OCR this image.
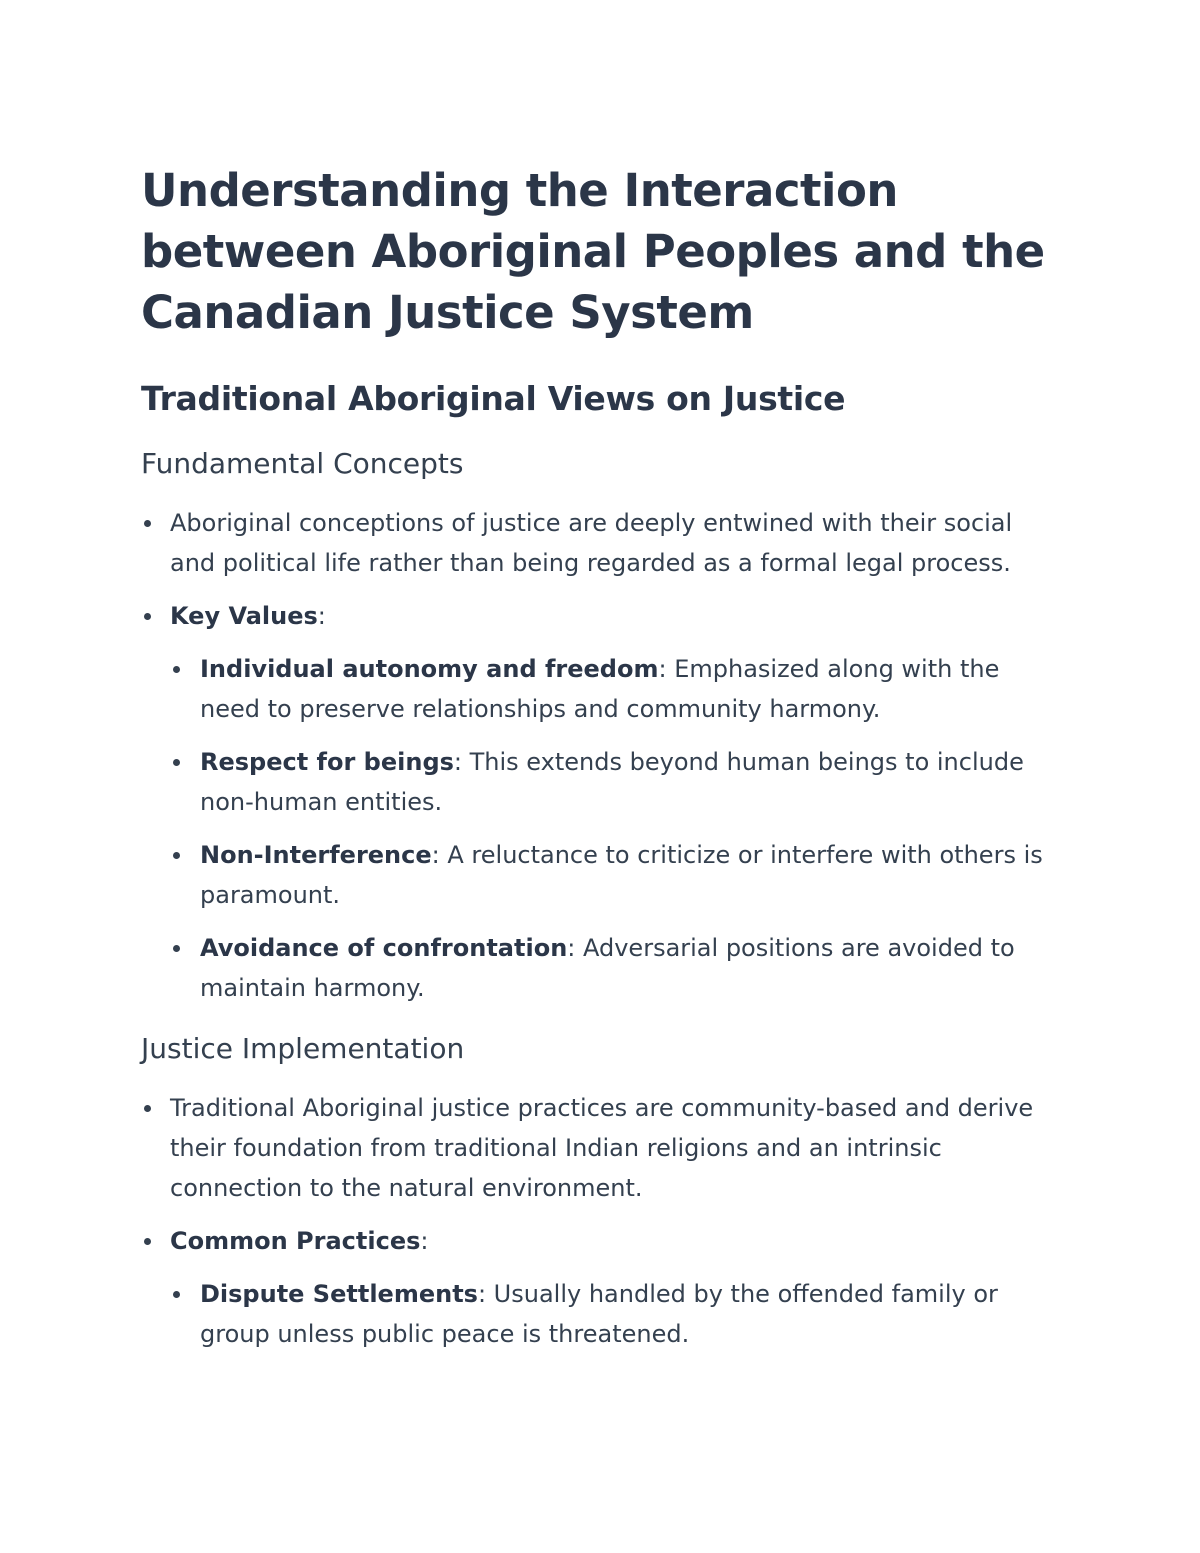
Understanding the Interaction between Aboriginal Peoples and the Canadian Justice System
Traditional Aboriginal Views on Justice
Fundamental Concepts
Aboriginal conceptions of justice are deeply entwined with their social and political life rather than being regarded as a formal legal process.
Key Values:
Individual autonomy and freedom: Emphasized along with the need to preserve relationships and community harmony.
Respect for beings: This extends beyond human beings to include non-human entities.
Non-Interference: A reluctance to criticize or interfere with others is paramount.
Avoidance of confrontation: Adversarial positions are avoided to maintain harmony.
Justice Implementation
Traditional Aboriginal justice practices are community-based and derive their foundation from traditional Indian religions and an intrinsic connection to the natural environment.
Common Practices:
Dispute Settlements: Usually handled by the offended family or group unless public peace is threatened.
